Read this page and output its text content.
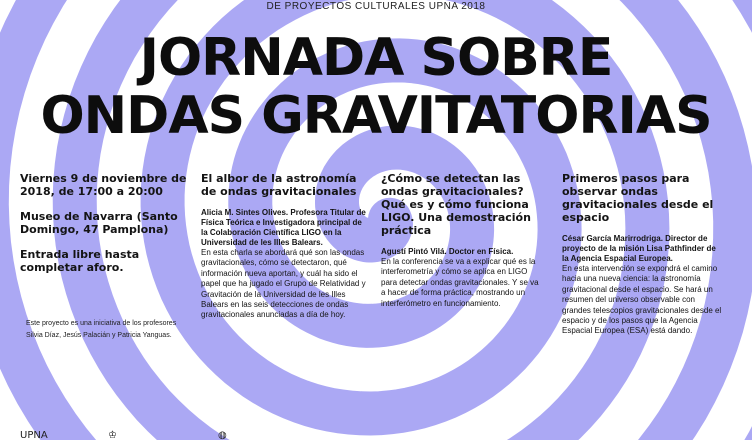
DE PROYECTOS CULTURALES UPNA 2018
JORNADA SOBRE
ONDAS GRAVITATORIAS

Viernes 9 de noviembre de 2018, de 17:00 a 20:00

Museo de Navarra (Santo Domingo, 47 Pamplona)

Entrada libre hasta completar aforo.

Este proyecto es una iniciativa de los profesores Silvia Díaz, Jesús Palacián y Patricia Yanguas.

El albor de la astronomía de ondas gravitacionales

Alicia M. Sintes Olives. Profesora Titular de Física Teórica e Investigadora principal de la Colaboración Científica LIGO en la Universidad de les Illes Balears.

En esta charla se abordará qué son las ondas gravitacionales, cómo se detectaron, qué información nueva aportan, y cuál ha sido el papel que ha jugado el Grupo de Relatividad y Gravitación de la Universidad de les Illes Balears en las seis detecciones de ondas gravitacionales anunciadas a día de hoy.

¿Cómo se detectan las ondas gravitacionales? Qué es y cómo funciona LIGO. Una demostración práctica

Agustí Pintó Vilá. Doctor en Física.

En la conferencia se va a explicar qué es la interferometría y cómo se aplica en LIGO para detectar ondas gravitacionales. Y se va a hacer de forma práctica, mostrando un interferómetro en funcionamiento.

Primeros pasos para observar ondas gravitacionales desde el espacio

César García Marirrodriga. Director de proyecto de la misión Lisa Pathfinder de la Agencia Espacial Europea.

En esta intervención se expondrá el camino hacia una nueva ciencia: la astronomía gravitacional desde el espacio. Se hará un resumen del universo observable con grandes telescopios gravitacionales desde el espacio y de los pasos que la Agencia Espacial Europea (ESA) está dando.

UPNA	♔	◍
